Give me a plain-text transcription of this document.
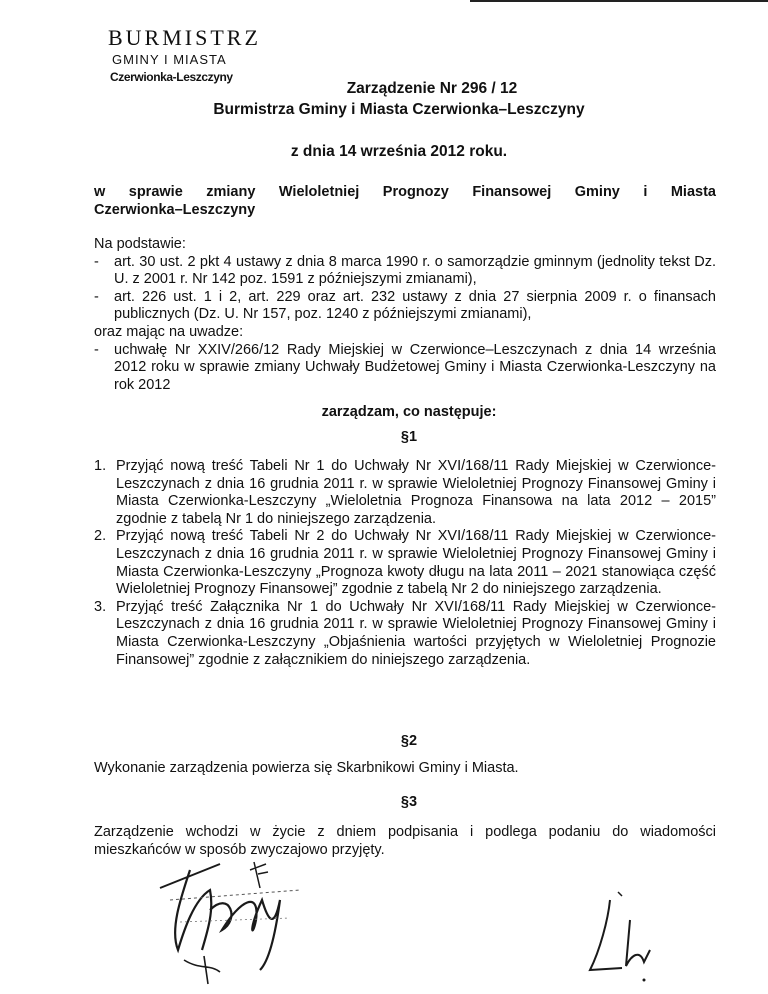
BURMISTRZ
GMINY I MIASTA
Czerwionka-Leszczyny
Zarządzenie Nr 296 / 12
Burmistrza Gminy i Miasta Czerwionka–Leszczyny
z dnia 14 września 2012 roku.
w sprawie zmiany Wieloletniej Prognozy Finansowej Gminy i Miasta
Czerwionka–Leszczyny
Na podstawie:
-	art. 30 ust. 2 pkt 4 ustawy z dnia 8 marca 1990 r. o samorządzie gminnym (jednolity tekst Dz. U. z 2001 r. Nr 142 poz. 1591 z późniejszymi zmianami),
-	art. 226 ust. 1 i 2, art. 229 oraz art. 232 ustawy z dnia 27 sierpnia 2009 r. o finansach publicznych (Dz. U. Nr 157, poz. 1240 z późniejszymi zmianami),
oraz mając na uwadze:
-	uchwałę Nr XXIV/266/12 Rady Miejskiej w Czerwionce–Leszczynach z dnia 14 września 2012 roku w sprawie zmiany Uchwały Budżetowej Gminy i Miasta Czerwionka-Leszczyny na rok 2012
zarządzam, co następuje:
§1
1. Przyjąć nową treść Tabeli Nr 1 do Uchwały Nr XVI/168/11 Rady Miejskiej w Czerwionce-Leszczynach z dnia 16 grudnia 2011 r. w sprawie Wieloletniej Prognozy Finansowej Gminy i Miasta Czerwionka-Leszczyny „Wieloletnia Prognoza Finansowa na lata 2012 – 2015” zgodnie z tabelą Nr 1 do niniejszego zarządzenia.
2. Przyjąć nową treść Tabeli Nr 2 do Uchwały Nr XVI/168/11 Rady Miejskiej w Czerwionce-Leszczynach z dnia 16 grudnia 2011 r. w sprawie Wieloletniej Prognozy Finansowej Gminy i Miasta Czerwionka-Leszczyny „Prognoza kwoty długu na lata 2011 – 2021 stanowiąca część Wieloletniej Prognozy Finansowej” zgodnie z tabelą Nr 2 do niniejszego zarządzenia.
3. Przyjąć treść Załącznika Nr 1 do Uchwały Nr XVI/168/11 Rady Miejskiej w Czerwionce-Leszczynach z dnia 16 grudnia 2011 r. w sprawie Wieloletniej Prognozy Finansowej Gminy i Miasta Czerwionka-Leszczyny „Objaśnienia wartości przyjętych w Wieloletniej Prognozie Finansowej” zgodnie z załącznikiem do niniejszego zarządzenia.
§2
Wykonanie zarządzenia powierza się Skarbnikowi Gminy i Miasta.
§3
Zarządzenie wchodzi w życie z dniem podpisania i podlega podaniu do wiadomości mieszkańców w sposób zwyczajowo przyjęty.
